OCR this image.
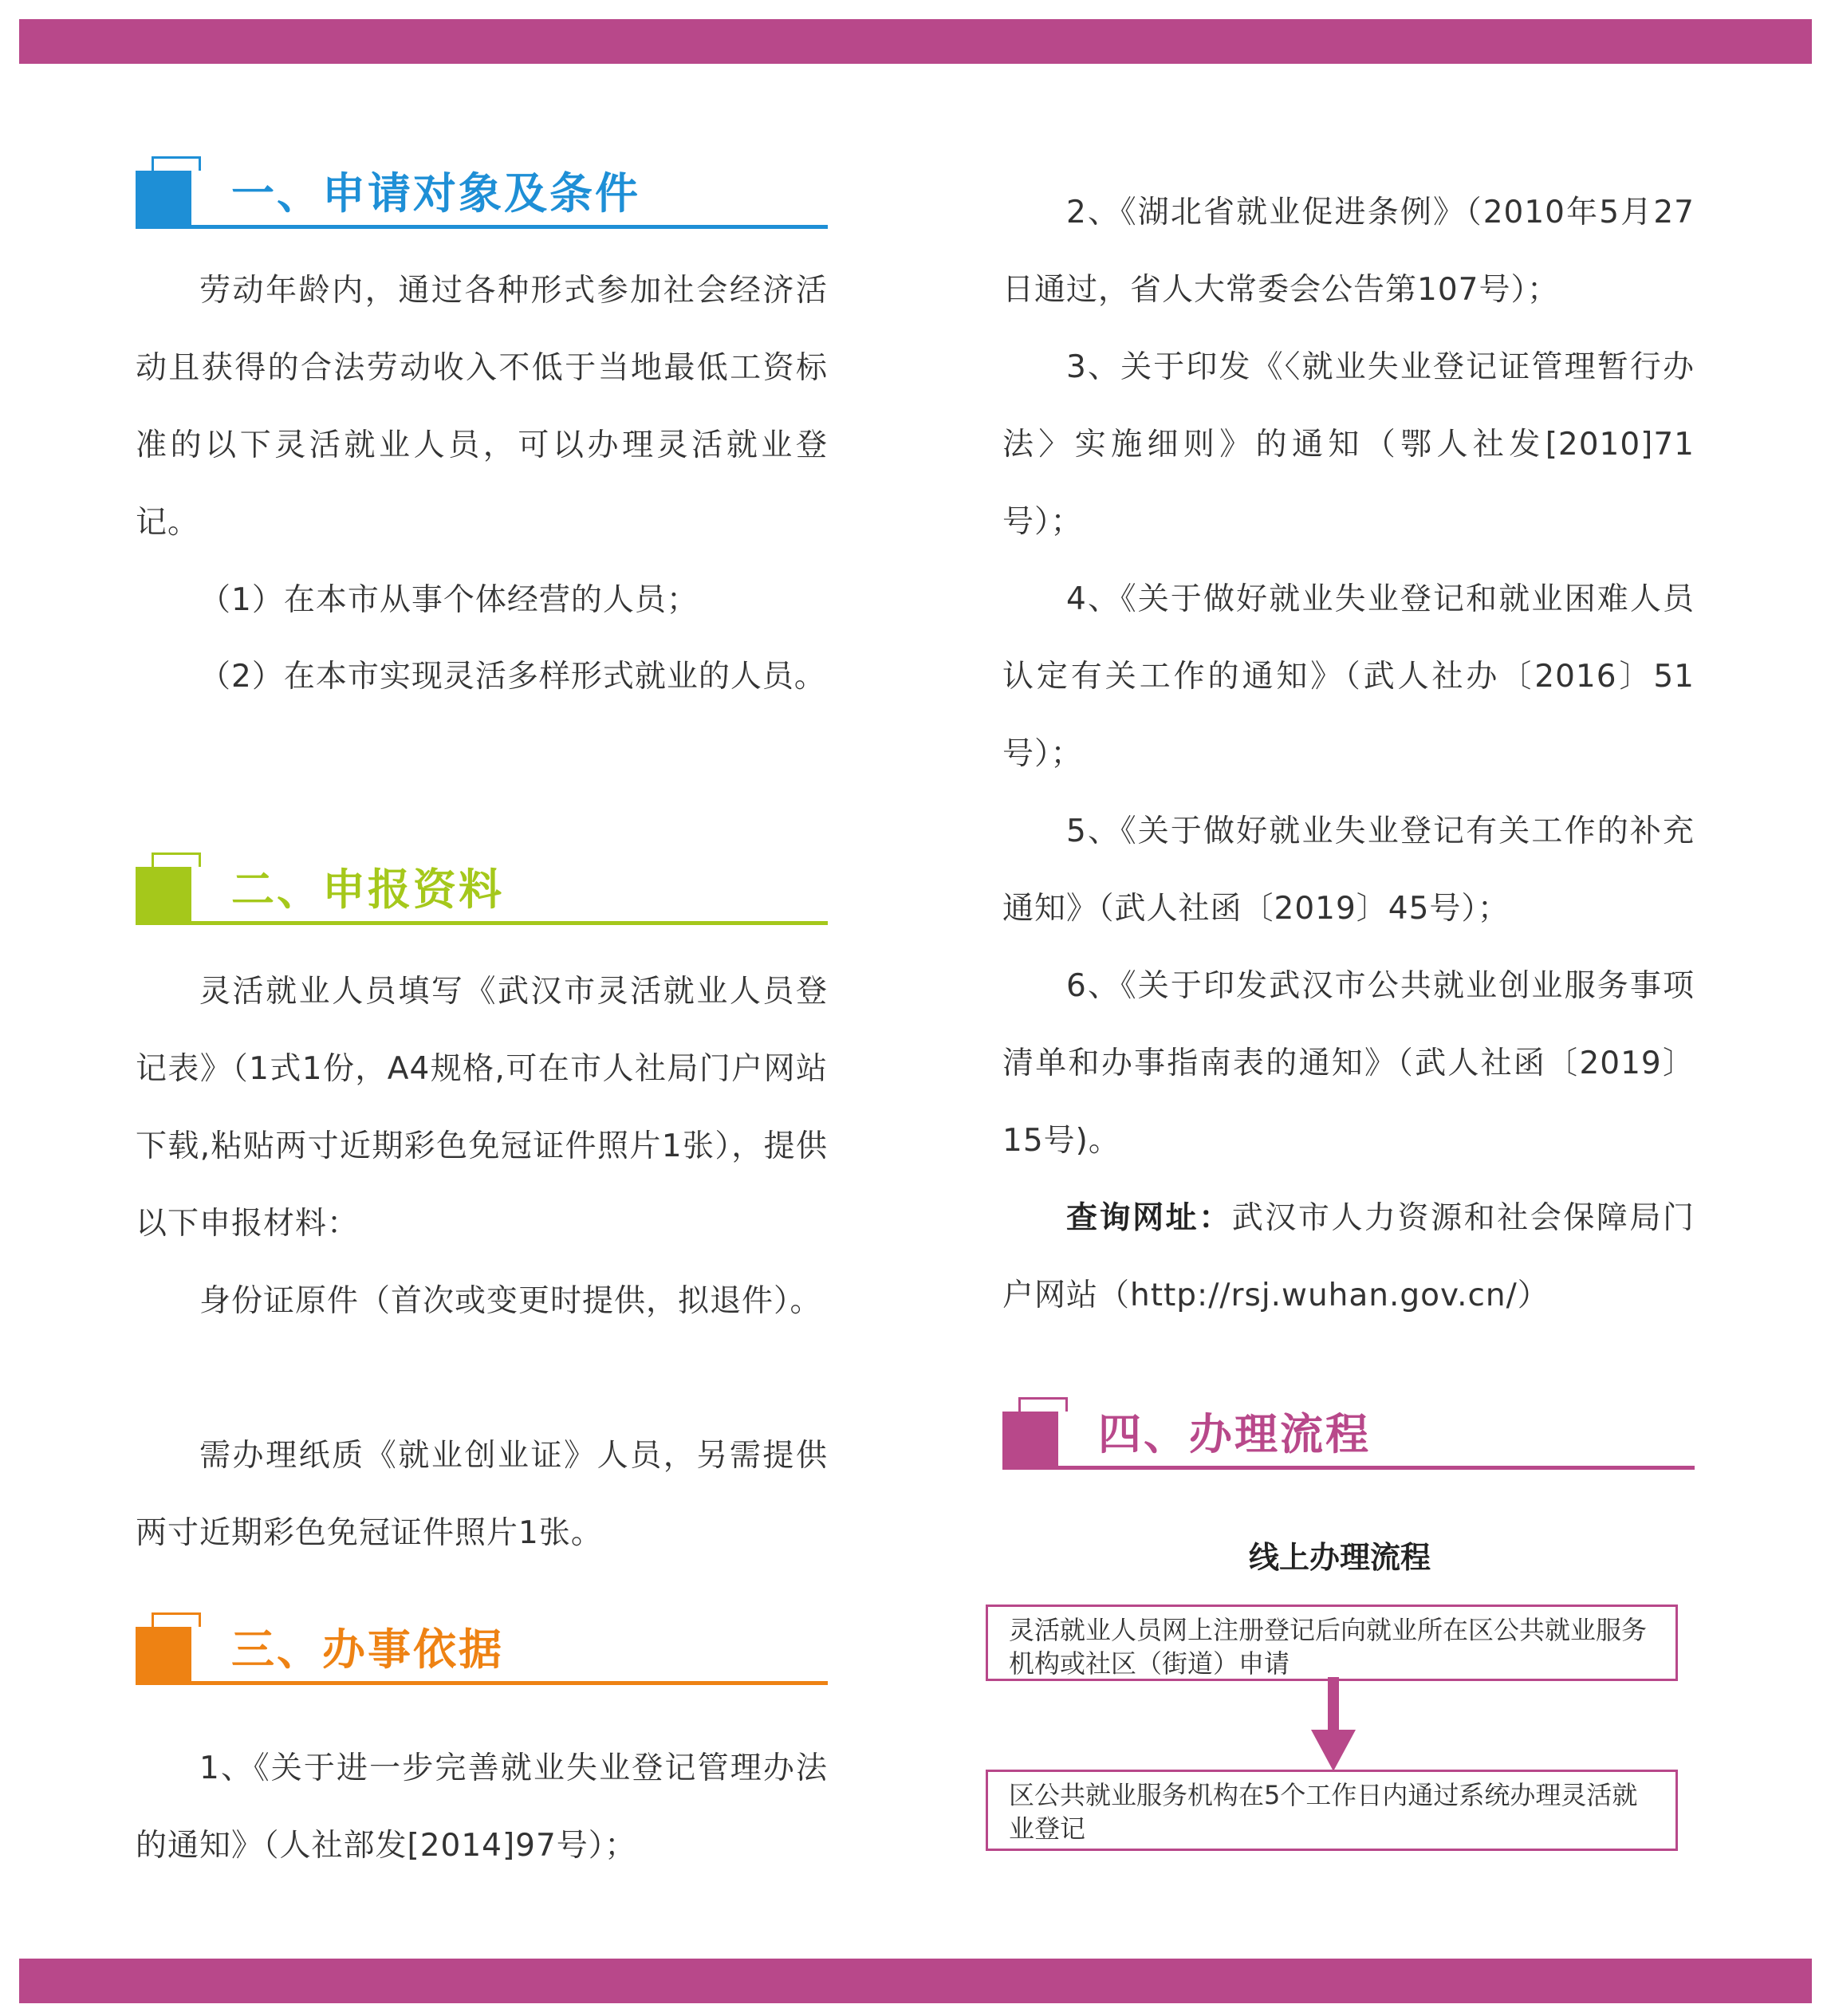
一、申请对象及条件
劳动年龄内，通过各种形式参加社会经济活动且获得的合法劳动收入不低于当地最低工资标准的以下灵活就业人员，可以办理灵活就业登记。
（1）在本市从事个体经营的人员；
（2）在本市实现灵活多样形式就业的人员。
二、申报资料
灵活就业人员填写《武汉市灵活就业人员登记表》（1式1份，A4规格,可在市人社局门户网站下载,粘贴两寸近期彩色免冠证件照片1张），提供以下申报材料：
身份证原件（首次或变更时提供，拟退件）。
需办理纸质《就业创业证》人员，另需提供两寸近期彩色免冠证件照片1张。
三、办事依据
1、《关于进一步完善就业失业登记管理办法的通知》（人社部发[2014]97号）；
2、《湖北省就业促进条例》（2010年5月27日通过，省人大常委会公告第107号）；
3、关于印发《〈就业失业登记证管理暂行办法〉实施细则》的通知（鄂人社发[2010]71号）；
4、《关于做好就业失业登记和就业困难人员认定有关工作的通知》（武人社办〔2016〕51号）；
5、《关于做好就业失业登记有关工作的补充通知》（武人社函〔2019〕45号）；
6、《关于印发武汉市公共就业创业服务事项清单和办事指南表的通知》（武人社函〔2019〕15号)。
查询网址：武汉市人力资源和社会保障局门户网站（http://rsj.wuhan.gov.cn/）
四、办理流程
线上办理流程
灵活就业人员网上注册登记后向就业所在区公共就业服务机构或社区（街道）申请
区公共就业服务机构在5个工作日内通过系统办理灵活就业登记
